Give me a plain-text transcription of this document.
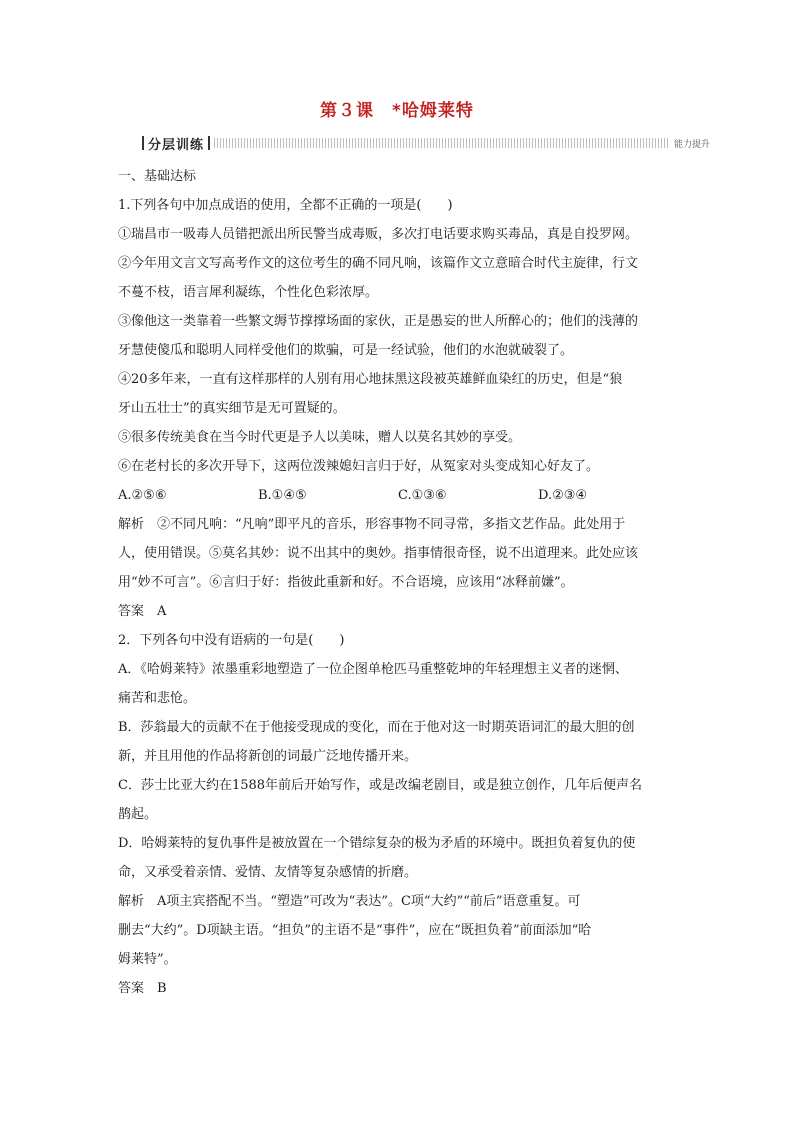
第３课　*哈姆莱特
分层训练	能力提升
一、基础达标
1.下列各句中加点成语的使用，全都不正确的一项是(　　)
①瑞昌市一吸毒人员错把派出所民警当成毒贩，多次打电话要求购买毒品，真是自投罗网。
②今年用文言文写高考作文的这位考生的确不同凡响，该篇作文立意暗合时代主旋律，行文
不蔓不枝，语言犀利凝练，个性化色彩浓厚。
③像他这一类靠着一些繁文缛节撑撑场面的家伙，正是愚妄的世人所醉心的；他们的浅薄的
牙慧使傻瓜和聪明人同样受他们的欺骗，可是一经试验，他们的水泡就破裂了。
④20多年来，一直有这样那样的人别有用心地抹黑这段被英雄鲜血染红的历史，但是“狼
牙山五壮士”的真实细节是无可置疑的。
⑤很多传统美食在当今时代更是予人以美味，赠人以莫名其妙的享受。
⑥在老村长的多次开导下，这两位泼辣媳妇言归于好，从冤家对头变成知心好友了。
A.②⑤⑥	B.①④⑤	C.①③⑥	D.②③④
解析　②不同凡响：“凡响”即平凡的音乐，形容事物不同寻常，多指文艺作品。此处用于
人，使用错误。⑤莫名其妙：说不出其中的奥妙。指事情很奇怪，说不出道理来。此处应该
用“妙不可言”。⑥言归于好：指彼此重新和好。不合语境，应该用“冰释前嫌”。
答案　A
2．下列各句中没有语病的一句是(　　)
A．《哈姆莱特》浓墨重彩地塑造了一位企图单枪匹马重整乾坤的年轻理想主义者的迷惘、
痛苦和悲怆。
B．莎翁最大的贡献不在于他接受现成的变化，而在于他对这一时期英语词汇的最大胆的创
新，并且用他的作品将新创的词最广泛地传播开来。
C．莎士比亚大约在1588年前后开始写作，或是改编老剧目，或是独立创作，几年后便声名
鹊起。
D．哈姆莱特的复仇事件是被放置在一个错综复杂的极为矛盾的环境中。既担负着复仇的使
命，又承受着亲情、爱情、友情等复杂感情的折磨。
解析　A项主宾搭配不当。“塑造”可改为“表达”。C项“大约”“前后”语意重复。可
删去“大约”。D项缺主语。“担负”的主语不是“事件”，应在“既担负着”前面添加“哈
姆莱特”。
答案　B
